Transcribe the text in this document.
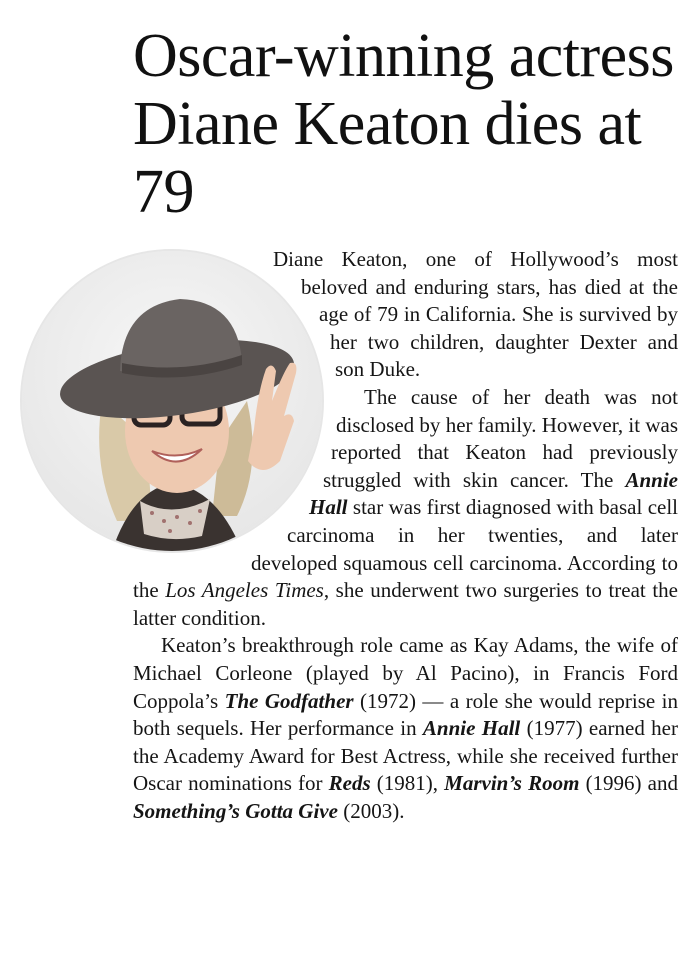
Oscar-winning actress Diane Keaton dies at 79

Diane Keaton, one of Hollywood’s most beloved and enduring stars, has died at the age of 79 in California. She is survived by her two children, daughter Dexter and son Duke.

The cause of her death was not disclosed by her family. However, it was reported that Keaton had previously struggled with skin cancer. The Annie Hall star was first diagnosed with basal cell carcinoma in her twenties, and later developed squamous cell carcinoma. According to the Los Angeles Times, she underwent two surgeries to treat the latter condition.

Keaton’s breakthrough role came as Kay Adams, the wife of Michael Corleone (played by Al Pacino), in Francis Ford Coppola’s The Godfather (1972) — a role she would reprise in both sequels. Her performance in Annie Hall (1977) earned her the Academy Award for Best Actress, while she received further Oscar nominations for Reds (1981), Marvin’s Room (1996) and Something’s Gotta Give (2003).
